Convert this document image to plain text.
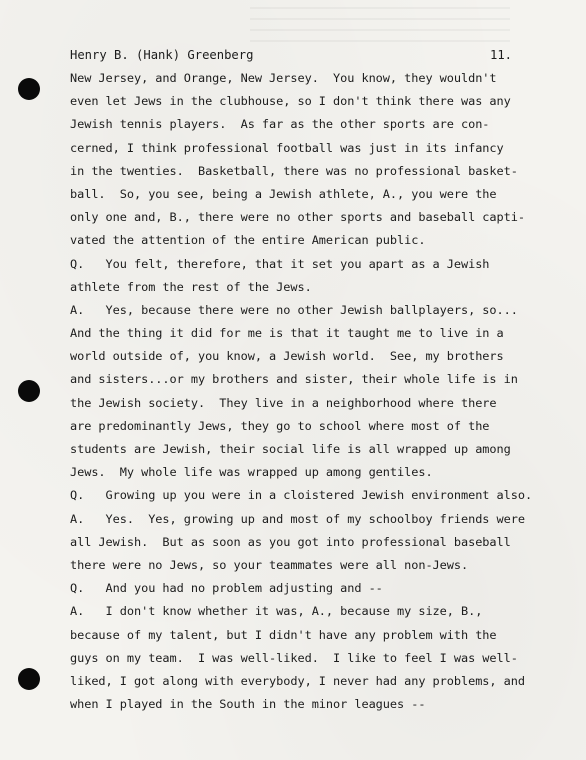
Henry B. (Hank) Greenberg	11.
New Jersey, and Orange, New Jersey.  You know, they wouldn't
even let Jews in the clubhouse, so I don't think there was any
Jewish tennis players.  As far as the other sports are con-
cerned, I think professional football was just in its infancy
in the twenties.  Basketball, there was no professional basket-
ball.  So, you see, being a Jewish athlete, A., you were the
only one and, B., there were no other sports and baseball capti-
vated the attention of the entire American public.
Q.   You felt, therefore, that it set you apart as a Jewish
athlete from the rest of the Jews.
A.   Yes, because there were no other Jewish ballplayers, so...
And the thing it did for me is that it taught me to live in a
world outside of, you know, a Jewish world.  See, my brothers
and sisters...or my brothers and sister, their whole life is in
the Jewish society.  They live in a neighborhood where there
are predominantly Jews, they go to school where most of the
students are Jewish, their social life is all wrapped up among
Jews.  My whole life was wrapped up among gentiles.
Q.   Growing up you were in a cloistered Jewish environment also.
A.   Yes.  Yes, growing up and most of my schoolboy friends were
all Jewish.  But as soon as you got into professional baseball
there were no Jews, so your teammates were all non-Jews.
Q.   And you had no problem adjusting and --
A.   I don't know whether it was, A., because my size, B.,
because of my talent, but I didn't have any problem with the
guys on my team.  I was well-liked.  I like to feel I was well-
liked, I got along with everybody, I never had any problems, and
when I played in the South in the minor leagues --
